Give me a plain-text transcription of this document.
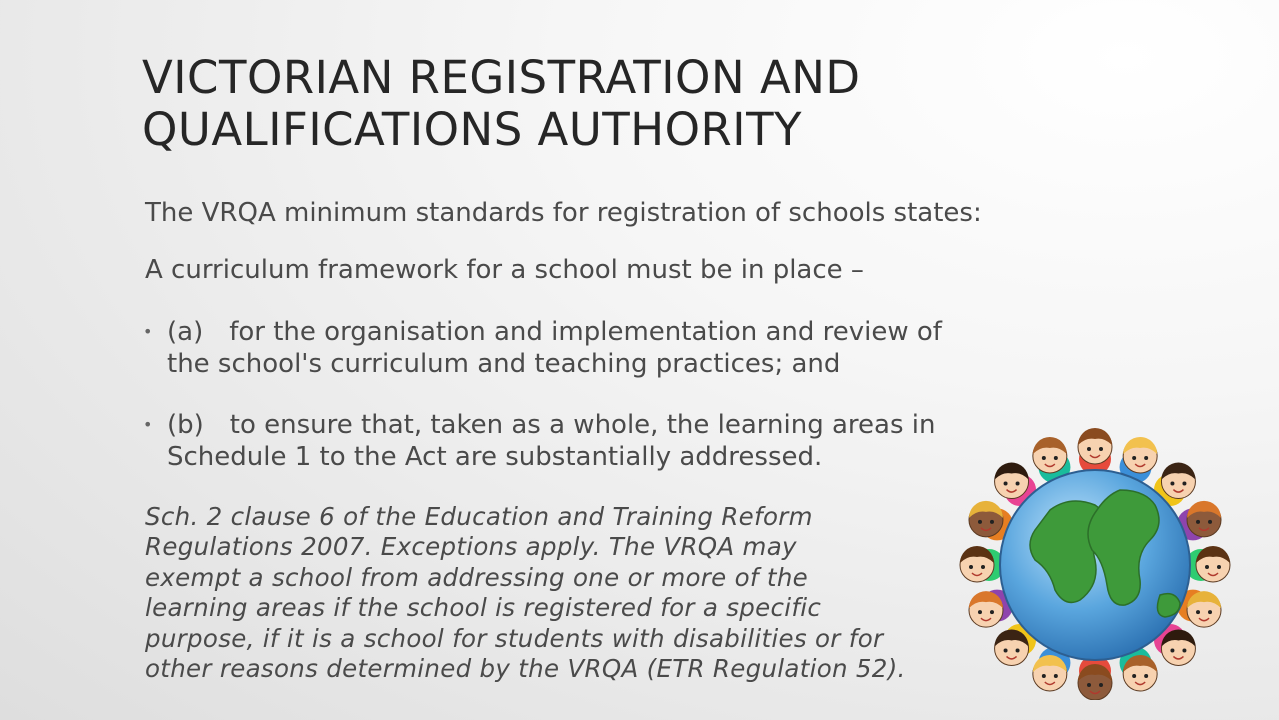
VICTORIAN REGISTRATION AND
QUALIFICATIONS AUTHORITY
The VRQA minimum standards for registration of schools states:
A curriculum framework for a school must be in place –
• (a) for the organisation and implementation and review of
the school's curriculum and teaching practices; and
• (b) to ensure that, taken as a whole, the learning areas in
Schedule 1 to the Act are substantially addressed.
Sch. 2 clause 6 of the Education and Training Reform
Regulations 2007. Exceptions apply. The VRQA may
exempt a school from addressing one or more of the
learning areas if the school is registered for a specific
purpose, if it is a school for students with disabilities or for
other reasons determined by the VRQA (ETR Regulation 52).
